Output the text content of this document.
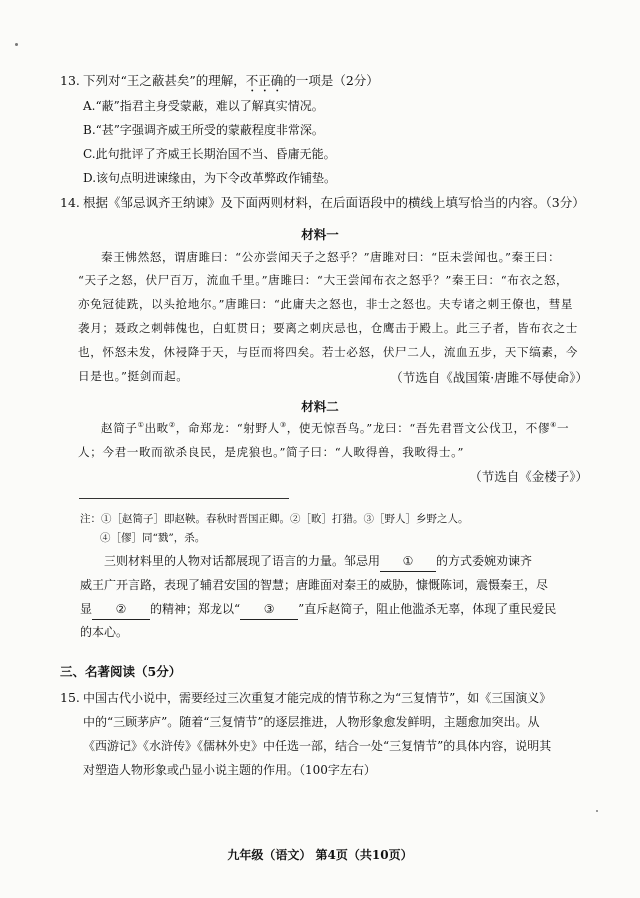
13. 下列对“王之蔽甚矣”的理解，不正确的一项是（2分）
A.“蔽”指君主身受蒙蔽，难以了解真实情况。
B.“甚”字强调齐威王所受的蒙蔽程度非常深。
C.此句批评了齐威王长期治国不当、昏庸无能。
D.该句点明进谏缘由，为下令改革弊政作铺垫。
14. 根据《邹忌讽齐王纳谏》及下面两则材料，在后面语段中的横线上填写恰当的内容。（3分）
材料一
秦王怫然怒，谓唐雎曰：“公亦尝闻天子之怒乎？”唐雎对曰：“臣未尝闻也。”秦王曰：
“天子之怒，伏尸百万，流血千里。”唐雎曰：“大王尝闻布衣之怒乎？”秦王曰：“布衣之怒，
亦免冠徒跣，以头抢地尔。”唐雎曰：“此庸夫之怒也，非士之怒也。夫专诸之刺王僚也，彗星
袭月；聂政之刺韩傀也，白虹贯日；要离之刺庆忌也，仓鹰击于殿上。此三子者，皆布衣之士
也，怀怒未发，休祲降于天，与臣而将四矣。若士必怒，伏尸二人，流血五步，天下缟素，今
日是也。”挺剑而起。	（节选自《战国策·唐雎不辱使命》）
材料二
赵简子①出畋②，命郑龙：“射野人③，使无惊吾鸟。”龙曰：“吾先君晋文公伐卫，不僇④一
人；今君一畋而欲杀良民，是虎狼也。”简子曰：“人畋得兽，我畋得士。”
（节选自《金楼子》）
注：①［赵简子］即赵鞅。春秋时晋国正卿。②［畋］打猎。③［野人］乡野之人。
④［僇］同“戮”，杀。
三则材料里的人物对话都展现了语言的力量。邹忌用 ① 的方式委婉劝谏齐
威王广开言路，表现了辅君安国的智慧；唐雎面对秦王的威胁，慷慨陈词，震慑秦王，尽
显 ② 的精神；郑龙以“ ③ ”直斥赵简子，阻止他滥杀无辜，体现了重民爱民
的本心。
三、名著阅读（5分）
15. 中国古代小说中，需要经过三次重复才能完成的情节称之为“三复情节”，如《三国演义》
中的“三顾茅庐”。随着“三复情节”的逐层推进，人物形象愈发鲜明，主题愈加突出。从
《西游记》《水浒传》《儒林外史》中任选一部，结合一处“三复情节”的具体内容，说明其
对塑造人物形象或凸显小说主题的作用。（100字左右）
九年级（语文） 第4页（共10页）
